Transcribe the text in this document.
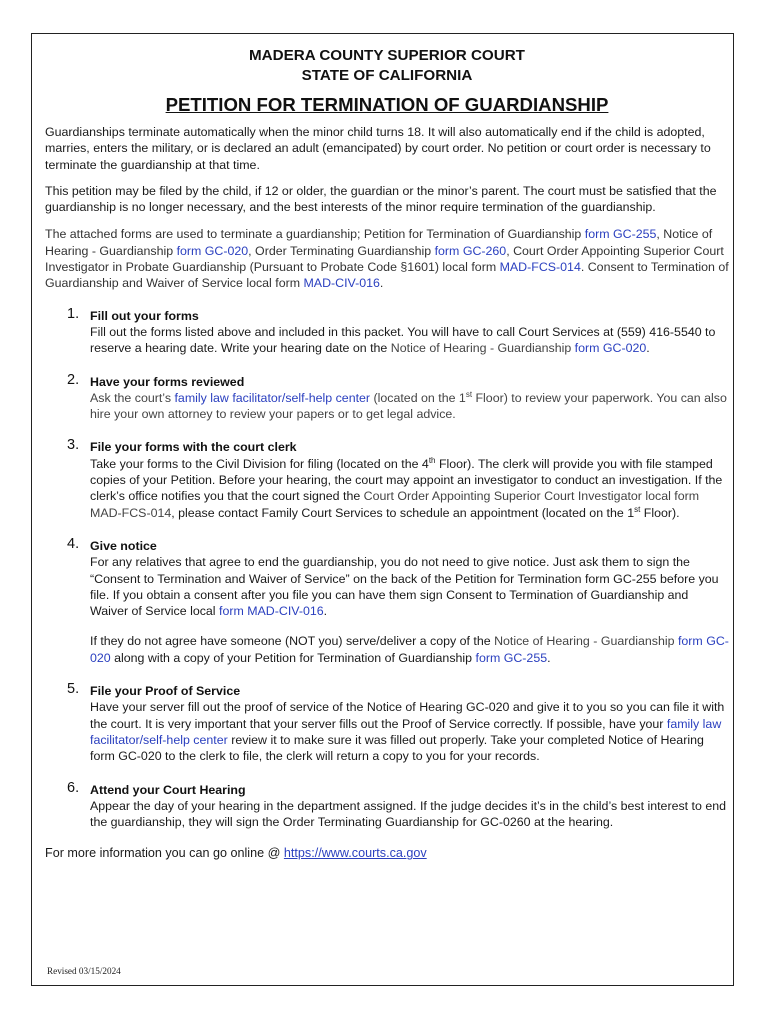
MADERA COUNTY SUPERIOR COURT
STATE OF CALIFORNIA
PETITION FOR TERMINATION OF GUARDIANSHIP

Guardianships terminate automatically when the minor child turns 18. It will also automatically end if the child is adopted, marries, enters the military, or is declared an adult (emancipated) by court order. No petition or court order is necessary to terminate the guardianship at that time.

This petition may be filed by the child, if 12 or older, the guardian or the minor’s parent. The court must be satisfied that the guardianship is no longer necessary, and the best interests of the minor require termination of the guardianship.

The attached forms are used to terminate a guardianship; Petition for Termination of Guardianship form GC-255, Notice of Hearing - Guardianship form GC-020, Order Terminating Guardianship form GC-260, Court Order Appointing Superior Court Investigator in Probate Guardianship (Pursuant to Probate Code §1601) local form MAD-FCS-014. Consent to Termination of Guardianship and Waiver of Service local form MAD-CIV-016.

1. Fill out your forms
Fill out the forms listed above and included in this packet. You will have to call Court Services at (559) 416-5540 to reserve a hearing date. Write your hearing date on the Notice of Hearing - Guardianship form GC-020.
2. Have your forms reviewed
Ask the court’s family law facilitator/self-help center (located on the 1st Floor) to review your paperwork. You can also hire your own attorney to review your papers or to get legal advice.
3. File your forms with the court clerk
Take your forms to the Civil Division for filing (located on the 4th Floor). The clerk will provide you with file stamped copies of your Petition. Before your hearing, the court may appoint an investigator to conduct an investigation. If the clerk’s office notifies you that the court signed the Court Order Appointing Superior Court Investigator local form MAD-FCS-014, please contact Family Court Services to schedule an appointment (located on the 1st Floor).
4. Give notice
For any relatives that agree to end the guardianship, you do not need to give notice. Just ask them to sign the “Consent to Termination and Waiver of Service” on the back of the Petition for Termination form GC-255 before you file. If you obtain a consent after you file you can have them sign Consent to Termination of Guardianship and Waiver of Service local form MAD-CIV-016.
If they do not agree have someone (NOT you) serve/deliver a copy of the Notice of Hearing - Guardianship form GC-020 along with a copy of your Petition for Termination of Guardianship form GC-255.
5. File your Proof of Service
Have your server fill out the proof of service of the Notice of Hearing GC-020 and give it to you so you can file it with the court. It is very important that your server fills out the Proof of Service correctly. If possible, have your family law facilitator/self-help center review it to make sure it was filled out properly. Take your completed Notice of Hearing form GC-020 to the clerk to file, the clerk will return a copy to you for your records.
6. Attend your Court Hearing
Appear the day of your hearing in the department assigned. If the judge decides it’s in the child’s best interest to end the guardianship, they will sign the Order Terminating Guardianship for GC-0260 at the hearing.

For more information you can go online @ https://www.courts.ca.gov

Revised 03/15/2024
